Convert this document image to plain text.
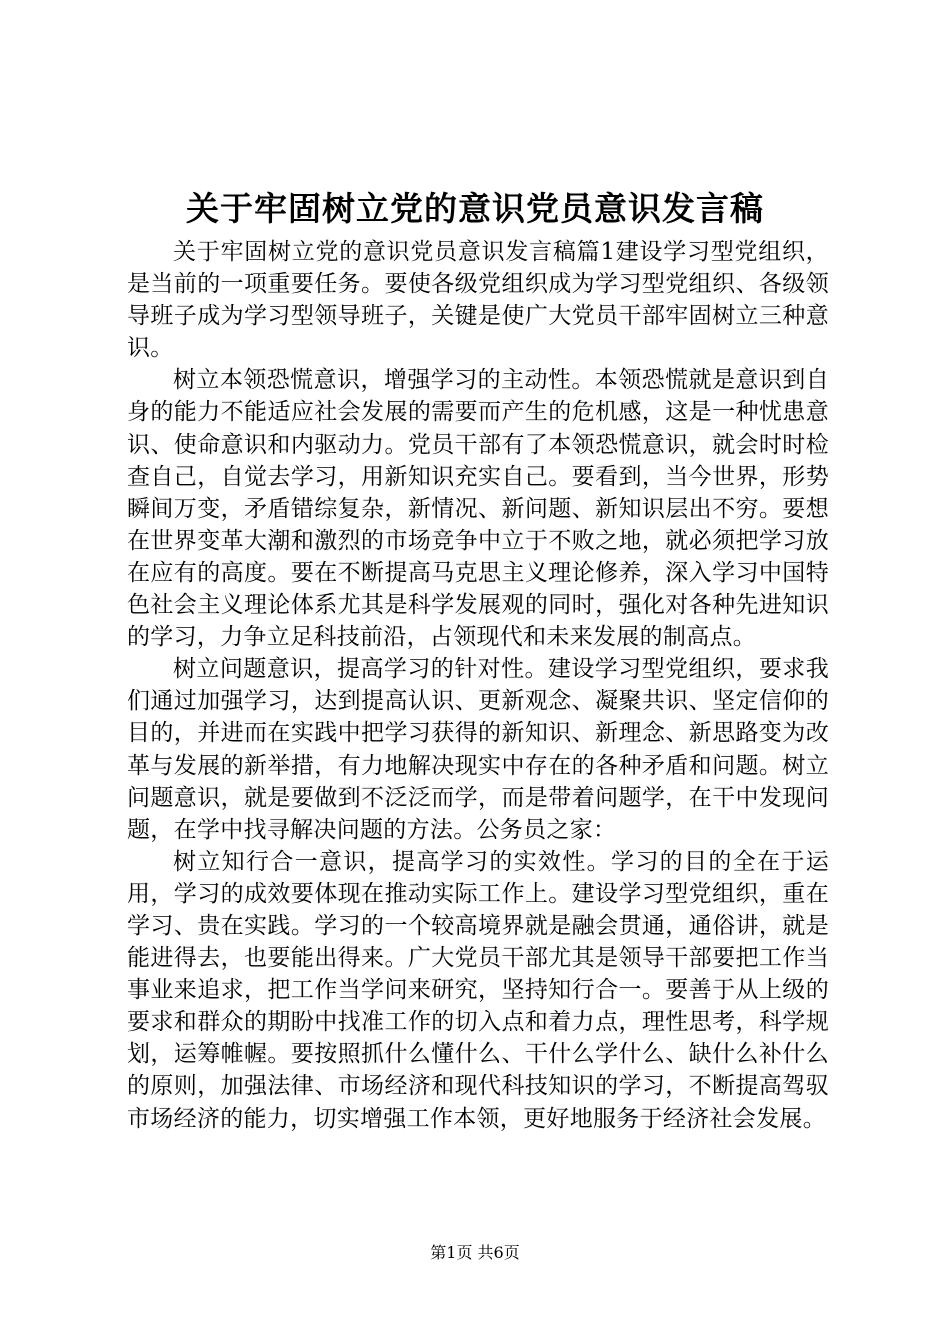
关于牢固树立党的意识党员意识发言稿

关于牢固树立党的意识党员意识发言稿篇1建设学习型党组织，是当前的一项重要任务。要使各级党组织成为学习型党组织、各级领导班子成为学习型领导班子，关键是使广大党员干部牢固树立三种意识。

树立本领恐慌意识，增强学习的主动性。本领恐慌就是意识到自身的能力不能适应社会发展的需要而产生的危机感，这是一种忧患意识、使命意识和内驱动力。党员干部有了本领恐慌意识，就会时时检查自己，自觉去学习，用新知识充实自己。要看到，当今世界，形势瞬间万变，矛盾错综复杂，新情况、新问题、新知识层出不穷。要想在世界变革大潮和激烈的市场竞争中立于不败之地，就必须把学习放在应有的高度。要在不断提高马克思主义理论修养，深入学习中国特色社会主义理论体系尤其是科学发展观的同时，强化对各种先进知识的学习，力争立足科技前沿，占领现代和未来发展的制高点。

树立问题意识，提高学习的针对性。建设学习型党组织，要求我们通过加强学习，达到提高认识、更新观念、凝聚共识、坚定信仰的目的，并进而在实践中把学习获得的新知识、新理念、新思路变为改革与发展的新举措，有力地解决现实中存在的各种矛盾和问题。树立问题意识，就是要做到不泛泛而学，而是带着问题学，在干中发现问题，在学中找寻解决问题的方法。公务员之家：

树立知行合一意识，提高学习的实效性。学习的目的全在于运用，学习的成效要体现在推动实际工作上。建设学习型党组织，重在学习、贵在实践。学习的一个较高境界就是融会贯通，通俗讲，就是能进得去，也要能出得来。广大党员干部尤其是领导干部要把工作当事业来追求，把工作当学问来研究，坚持知行合一。要善于从上级的要求和群众的期盼中找准工作的切入点和着力点，理性思考，科学规划，运筹帷幄。要按照抓什么懂什么、干什么学什么、缺什么补什么的原则，加强法律、市场经济和现代科技知识的学习，不断提高驾驭市场经济的能力，切实增强工作本领，更好地服务于经济社会发展。

第1页 共6页
